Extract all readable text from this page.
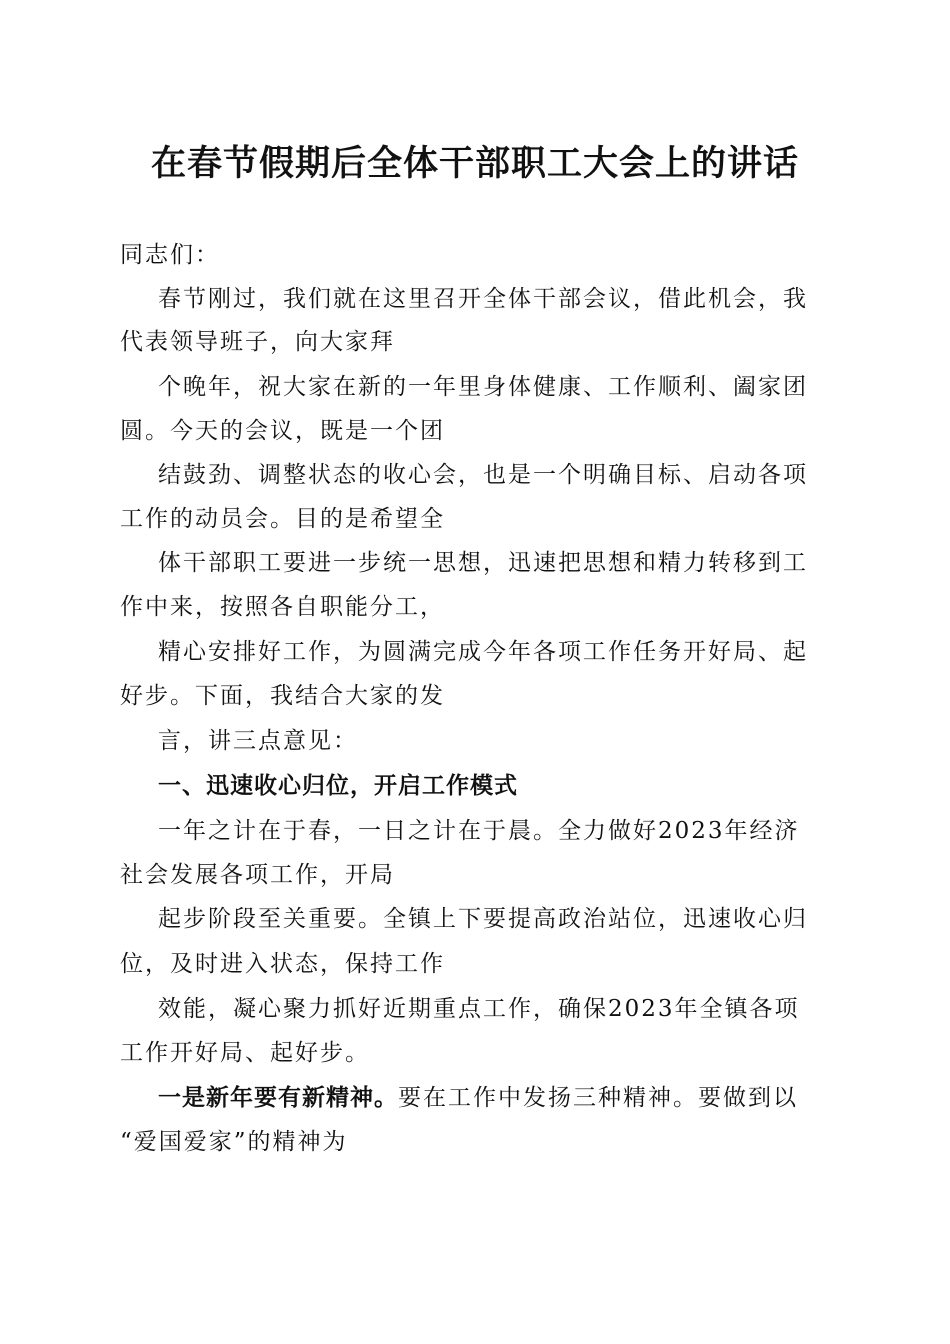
在春节假期后全体干部职工大会上的讲话
同志们：
春节刚过，我们就在这里召开全体干部会议，借此机会，我
代表领导班子，向大家拜
个晚年，祝大家在新的一年里身体健康、工作顺利、阖家团
圆。今天的会议，既是一个团
结鼓劲、调整状态的收心会，也是一个明确目标、启动各项
工作的动员会。目的是希望全
体干部职工要进一步统一思想，迅速把思想和精力转移到工
作中来，按照各自职能分工，
精心安排好工作，为圆满完成今年各项工作任务开好局、起
好步。下面，我结合大家的发
言，讲三点意见：
一、迅速收心归位，开启工作模式
一年之计在于春，一日之计在于晨。全力做好2023年经济
社会发展各项工作，开局
起步阶段至关重要。全镇上下要提高政治站位，迅速收心归
位，及时进入状态，保持工作
效能，凝心聚力抓好近期重点工作，确保2023年全镇各项
工作开好局、起好步。
一是新年要有新精神。要在工作中发扬三种精神。要做到以
“爱国爱家”的精神为
